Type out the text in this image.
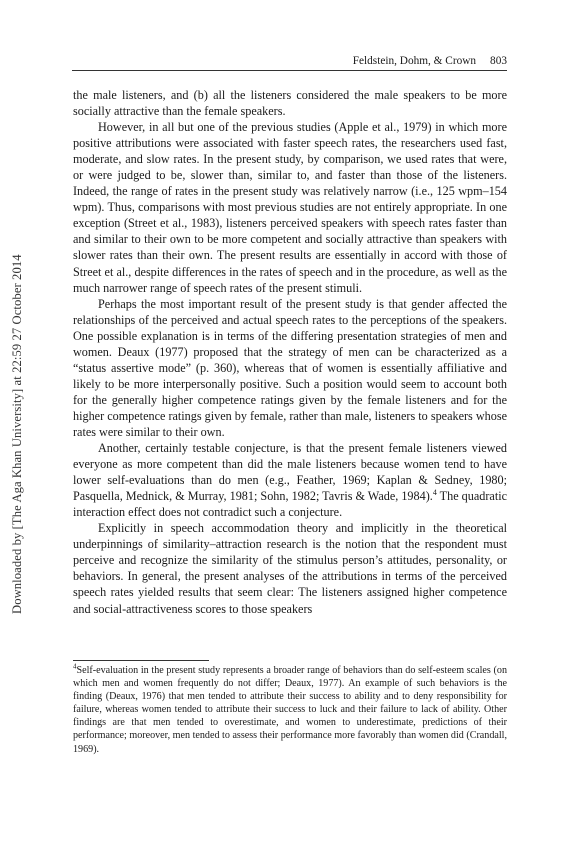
Downloaded by [The Aga Khan University] at 22:59 27 October 2014
Feldstein, Dohm, & Crown 803

the male listeners, and (b) all the listeners considered the male speakers to be more socially attractive than the female speakers.

However, in all but one of the previous studies (Apple et al., 1979) in which more positive attributions were associated with faster speech rates, the researchers used fast, moderate, and slow rates. In the present study, by comparison, we used rates that were, or were judged to be, slower than, similar to, and faster than those of the listeners. Indeed, the range of rates in the present study was relatively narrow (i.e., 125 wpm–154 wpm). Thus, comparisons with most previous studies are not entirely appropriate. In one exception (Street et al., 1983), listeners perceived speakers with speech rates faster than and similar to their own to be more competent and socially attractive than speakers with slower rates than their own. The present results are essentially in accord with those of Street et al., despite differences in the rates of speech and in the procedure, as well as the much narrower range of speech rates of the present stimuli.

Perhaps the most important result of the present study is that gender affected the relationships of the perceived and actual speech rates to the perceptions of the speakers. One possible explanation is in terms of the differing presentation strategies of men and women. Deaux (1977) proposed that the strategy of men can be characterized as a “status assertive mode” (p. 360), whereas that of women is essentially affiliative and likely to be more interpersonally positive. Such a position would seem to account both for the generally higher competence ratings given by the female listeners and for the higher competence ratings given by female, rather than male, listeners to speakers whose rates were similar to their own.

Another, certainly testable conjecture, is that the present female listeners viewed everyone as more competent than did the male listeners because women tend to have lower self-evaluations than do men (e.g., Feather, 1969; Kaplan & Sedney, 1980; Pasquella, Mednick, & Murray, 1981; Sohn, 1982; Tavris & Wade, 1984).$^4$ The quadratic interaction effect does not contradict such a conjecture.

Explicitly in speech accommodation theory and implicitly in the theoretical underpinnings of similarity–attraction research is the notion that the respondent must perceive and recognize the similarity of the stimulus person’s attitudes, personality, or behaviors. In general, the present analyses of the attributions in terms of the perceived speech rates yielded results that seem clear: The listeners assigned higher competence and social-attractiveness scores to those speakers

$^4$Self-evaluation in the present study represents a broader range of behaviors than do self-esteem scales (on which men and women frequently do not differ; Deaux, 1977). An example of such behaviors is the finding (Deaux, 1976) that men tended to attribute their success to ability and to deny responsibility for failure, whereas women tended to attribute their success to luck and their failure to lack of ability. Other findings are that men tended to overestimate, and women to underestimate, predictions of their performance; moreover, men tended to assess their performance more favorably than women did (Crandall, 1969).
